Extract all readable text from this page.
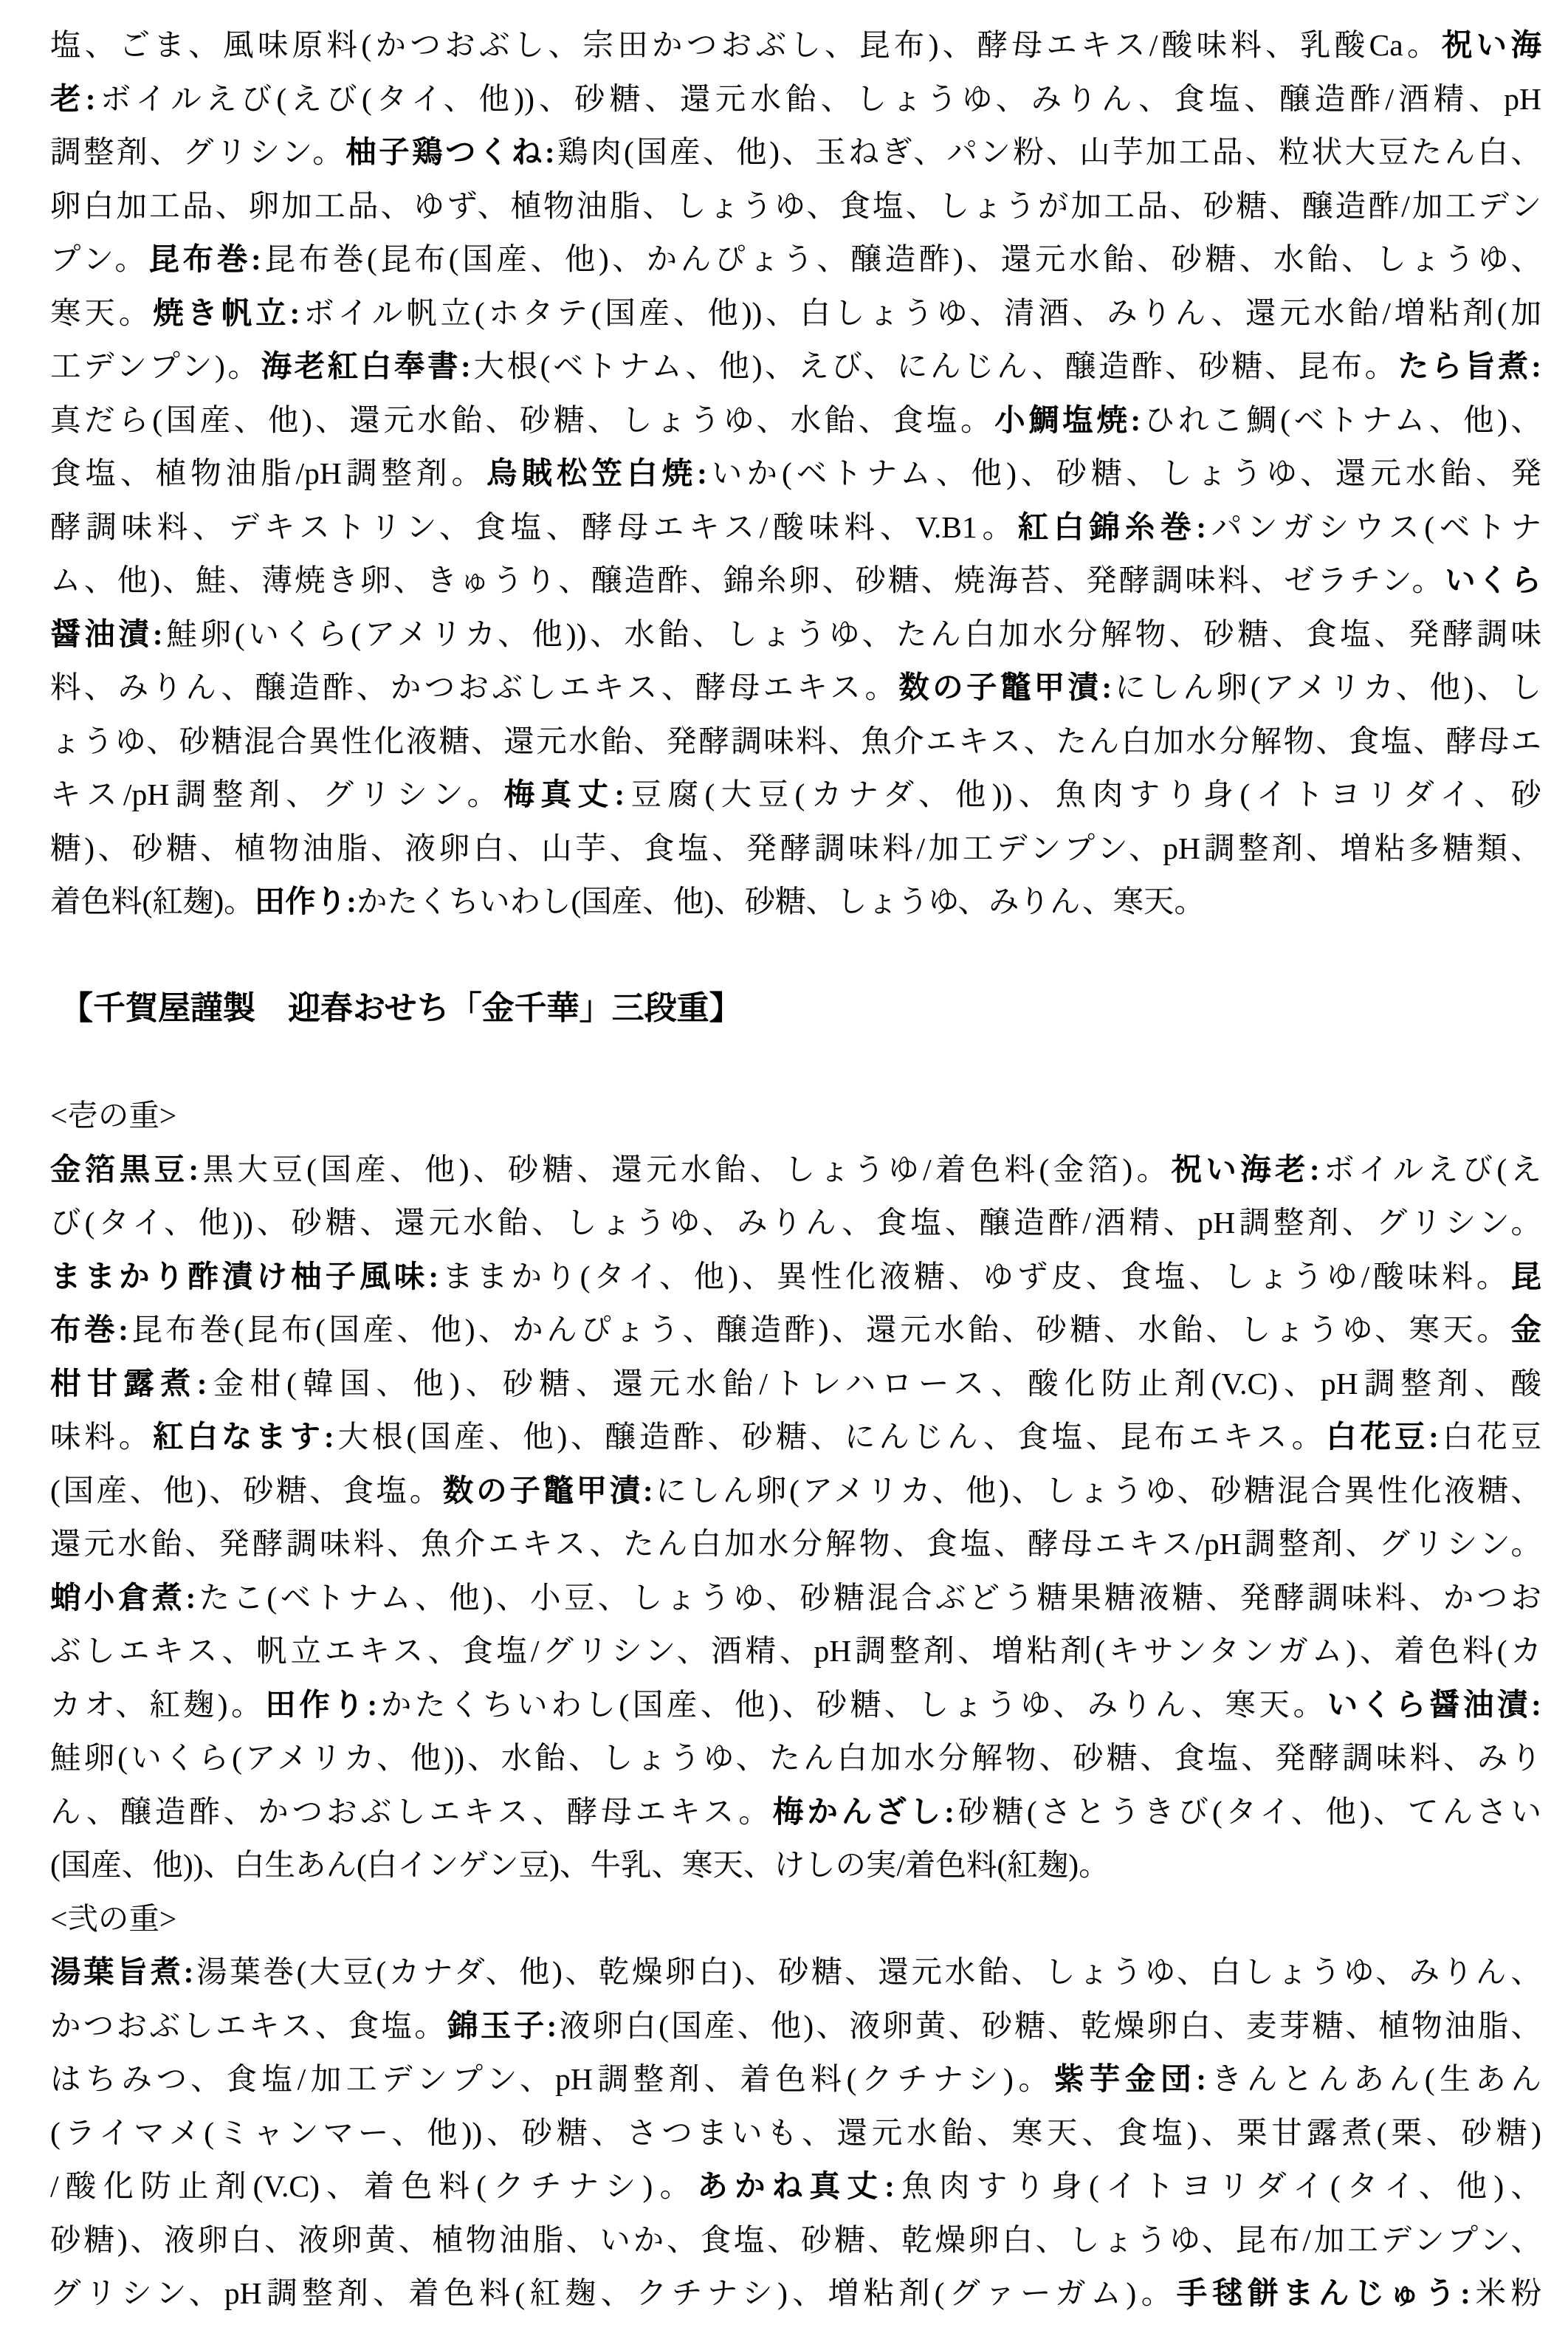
塩、ごま、風味原料(かつおぶし、宗田かつおぶし、昆布)、酵母エキス/酸味料、乳酸Ca。祝い海
老:ボイルえび(えび(タイ、他))、砂糖、還元水飴、しょうゆ、みりん、食塩、醸造酢/酒精、pH
調整剤、グリシン。柚子鶏つくね:鶏肉(国産、他)、玉ねぎ、パン粉、山芋加工品、粒状大豆たん白、
卵白加工品、卵加工品、ゆず、植物油脂、しょうゆ、食塩、しょうが加工品、砂糖、醸造酢/加工デン
プン。昆布巻:昆布巻(昆布(国産、他)、かんぴょう、醸造酢)、還元水飴、砂糖、水飴、しょうゆ、
寒天。焼き帆立:ボイル帆立(ホタテ(国産、他))、白しょうゆ、清酒、みりん、還元水飴/増粘剤(加
工デンプン)。海老紅白奉書:大根(ベトナム、他)、えび、にんじん、醸造酢、砂糖、昆布。たら旨煮:
真だら(国産、他)、還元水飴、砂糖、しょうゆ、水飴、食塩。小鯛塩焼:ひれこ鯛(ベトナム、他)、
食塩、植物油脂/pH調整剤。烏賊松笠白焼:いか(ベトナム、他)、砂糖、しょうゆ、還元水飴、発
酵調味料、デキストリン、食塩、酵母エキス/酸味料、V.B1。紅白錦糸巻:パンガシウス(ベトナ
ム、他)、鮭、薄焼き卵、きゅうり、醸造酢、錦糸卵、砂糖、焼海苔、発酵調味料、ゼラチン。いくら
醤油漬:鮭卵(いくら(アメリカ、他))、水飴、しょうゆ、たん白加水分解物、砂糖、食塩、発酵調味
料、みりん、醸造酢、かつおぶしエキス、酵母エキス。数の子鼈甲漬:にしん卵(アメリカ、他)、し
ょうゆ、砂糖混合異性化液糖、還元水飴、発酵調味料、魚介エキス、たん白加水分解物、食塩、酵母エ
キス/pH調整剤、グリシン。梅真丈:豆腐(大豆(カナダ、他))、魚肉すり身(イトヨリダイ、砂
糖)、砂糖、植物油脂、液卵白、山芋、食塩、発酵調味料/加工デンプン、pH調整剤、増粘多糖類、
着色料(紅麹)。田作り:かたくちいわし(国産、他)、砂糖、しょうゆ、みりん、寒天。
【千賀屋謹製　迎春おせち「金千華」三段重】
<壱の重>
金箔黒豆:黒大豆(国産、他)、砂糖、還元水飴、しょうゆ/着色料(金箔)。祝い海老:ボイルえび(え
び(タイ、他))、砂糖、還元水飴、しょうゆ、みりん、食塩、醸造酢/酒精、pH調整剤、グリシン。
ままかり酢漬け柚子風味:ままかり(タイ、他)、異性化液糖、ゆず皮、食塩、しょうゆ/酸味料。昆
布巻:昆布巻(昆布(国産、他)、かんぴょう、醸造酢)、還元水飴、砂糖、水飴、しょうゆ、寒天。金
柑甘露煮:金柑(韓国、他)、砂糖、還元水飴/トレハロース、酸化防止剤(V.C)、pH調整剤、酸
味料。紅白なます:大根(国産、他)、醸造酢、砂糖、にんじん、食塩、昆布エキス。白花豆:白花豆
(国産、他)、砂糖、食塩。数の子鼈甲漬:にしん卵(アメリカ、他)、しょうゆ、砂糖混合異性化液糖、
還元水飴、発酵調味料、魚介エキス、たん白加水分解物、食塩、酵母エキス/pH調整剤、グリシン。
蛸小倉煮:たこ(ベトナム、他)、小豆、しょうゆ、砂糖混合ぶどう糖果糖液糖、発酵調味料、かつお
ぶしエキス、帆立エキス、食塩/グリシン、酒精、pH調整剤、増粘剤(キサンタンガム)、着色料(カ
カオ、紅麹)。田作り:かたくちいわし(国産、他)、砂糖、しょうゆ、みりん、寒天。いくら醤油漬:
鮭卵(いくら(アメリカ、他))、水飴、しょうゆ、たん白加水分解物、砂糖、食塩、発酵調味料、みり
ん、醸造酢、かつおぶしエキス、酵母エキス。梅かんざし:砂糖(さとうきび(タイ、他)、てんさい
(国産、他))、白生あん(白インゲン豆)、牛乳、寒天、けしの実/着色料(紅麹)。
<弐の重>
湯葉旨煮:湯葉巻(大豆(カナダ、他)、乾燥卵白)、砂糖、還元水飴、しょうゆ、白しょうゆ、みりん、
かつおぶしエキス、食塩。錦玉子:液卵白(国産、他)、液卵黄、砂糖、乾燥卵白、麦芽糖、植物油脂、
はちみつ、食塩/加工デンプン、pH調整剤、着色料(クチナシ)。紫芋金団:きんとんあん(生あん
(ライマメ(ミャンマー、他))、砂糖、さつまいも、還元水飴、寒天、食塩)、栗甘露煮(栗、砂糖)
/酸化防止剤(V.C)、着色料(クチナシ)。あかね真丈:魚肉すり身(イトヨリダイ(タイ、他)、
砂糖)、液卵白、液卵黄、植物油脂、いか、食塩、砂糖、乾燥卵白、しょうゆ、昆布/加工デンプン、
グリシン、pH調整剤、着色料(紅麹、クチナシ)、増粘剤(グァーガム)。手毬餅まんじゅう:米粉
